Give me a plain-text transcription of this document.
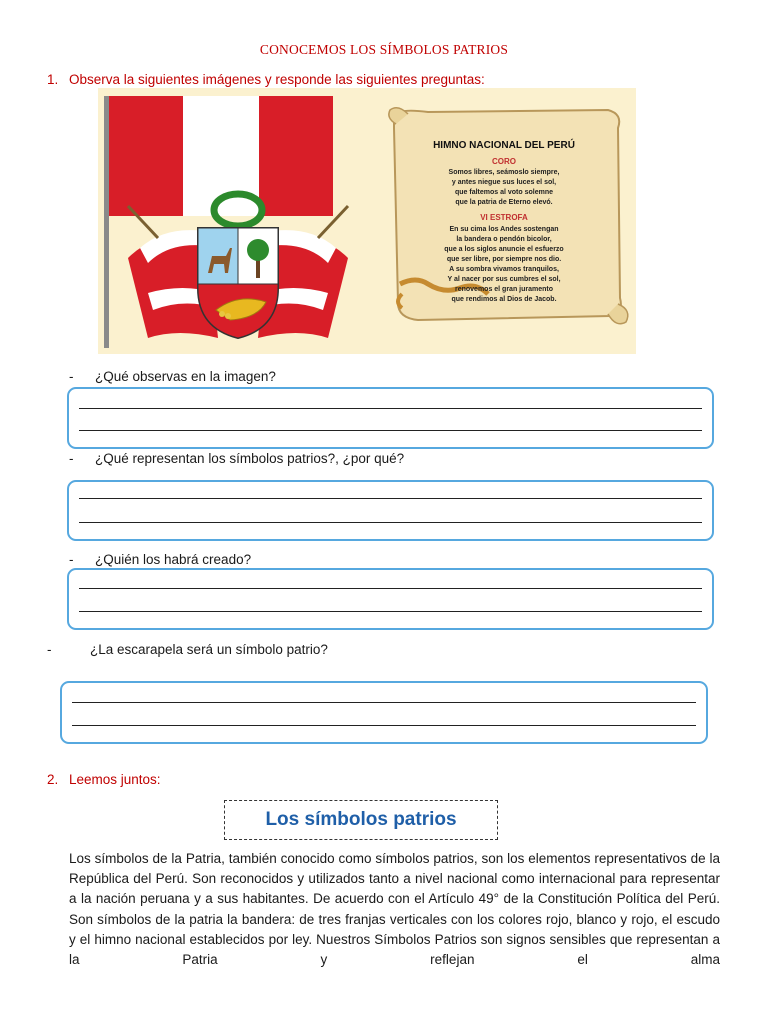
CONOCEMOS LOS SÍMBOLOS PATRIOS
1. Observa la siguientes imágenes y responde las siguientes preguntas:
HIMNO NACIONAL DEL PERÚ
CORO
Somos libres, seámoslo siempre,
y antes niegue sus luces el sol,
que faltemos al voto solemne
que la patria de Eterno elevó.
VI ESTROFA
En su cima los Andes sostengan
la bandera o pendón bicolor,
que a los siglos anuncie el esfuerzo
que ser libre, por siempre nos dio.
A su sombra vivamos tranquilos,
Y al nacer por sus cumbres el sol,
renovemos el gran juramento
que rendimos al Dios de Jacob.
- ¿Qué observas en la imagen?
- ¿Qué representan los símbolos patrios?, ¿por qué?
- ¿Quién los habrá creado?
-	¿La escarapela será un símbolo patrio?
2. Leemos juntos:
Los símbolos patrios
Los símbolos de la Patria, también conocido como símbolos patrios, son los elementos representativos de la República del Perú. Son reconocidos y utilizados tanto a nivel nacional como internacional para representar a la nación peruana y a sus habitantes. De acuerdo con el Artículo 49° de la Constitución Política del Perú. Son símbolos de la patria la bandera: de tres franjas verticales con los colores rojo, blanco y rojo, el escudo y el himno nacional establecidos por ley. Nuestros Símbolos Patrios son signos sensibles que representan a la Patria y reflejan el alma
